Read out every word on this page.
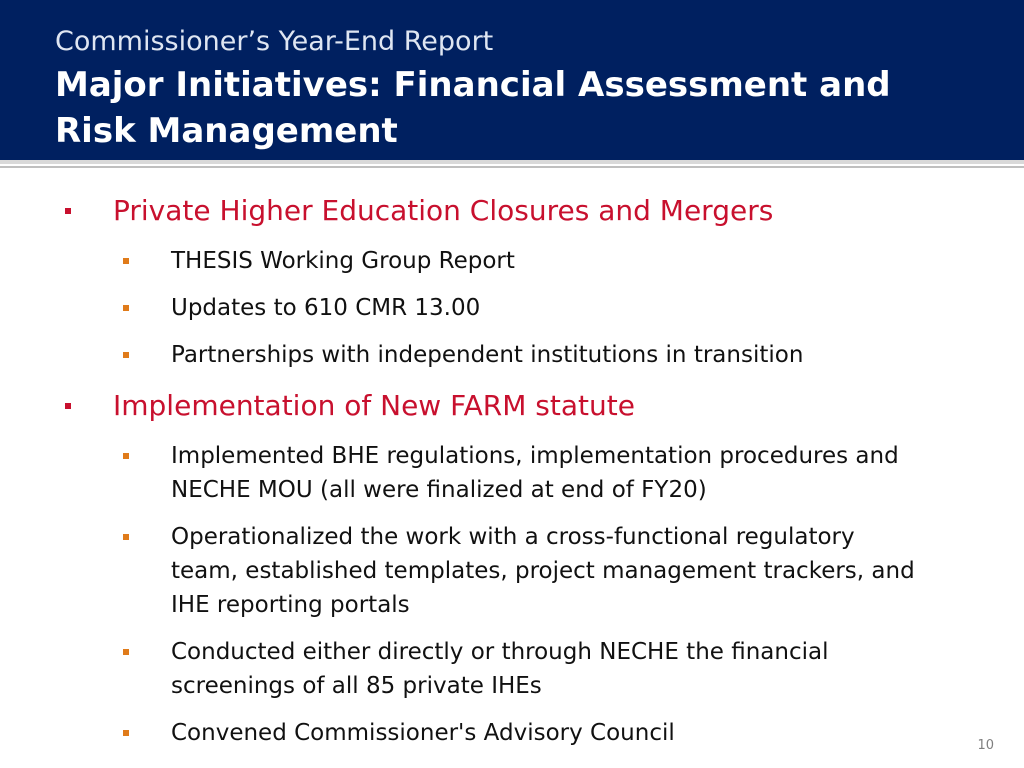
Commissioner’s Year-End Report
Major Initiatives: Financial Assessment and Risk Management
Private Higher Education Closures and Mergers
THESIS Working Group Report
Updates to 610 CMR 13.00
Partnerships with independent institutions in transition
Implementation of New FARM statute
Implemented BHE regulations, implementation procedures and
NECHE MOU (all were finalized at end of FY20)
Operationalized the work with a cross-functional regulatory
team, established templates, project management trackers, and
IHE reporting portals
Conducted either directly or through NECHE the financial
screenings of all 85 private IHEs
Convened Commissioner's Advisory Council	10
